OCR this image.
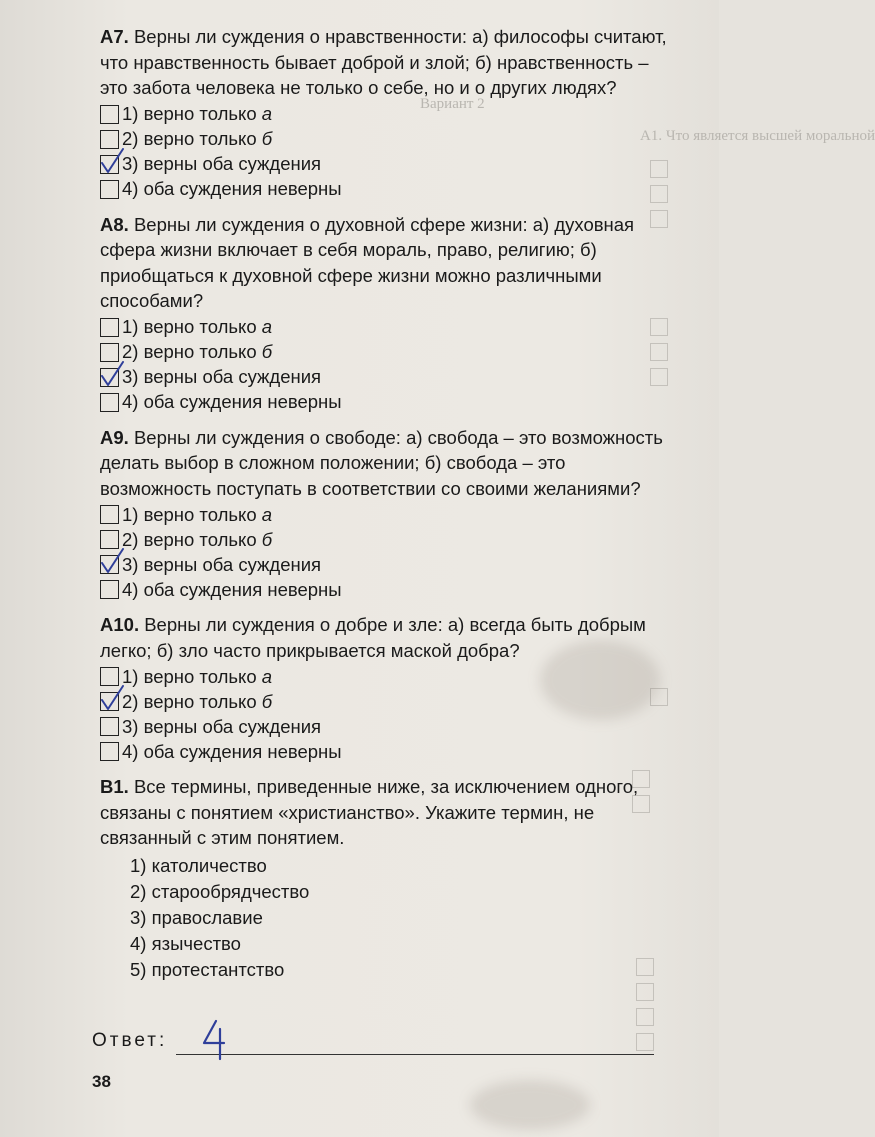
Вариант 2
А1. Что является высшей моральной

А7. Верны ли суждения о нравственности: а) философы считают, что нравственность бывает доброй и злой; б) нравственность – это забота человека не только о себе, но и о других людях?

1) верно только а
2) верно только б
3) верны оба суждения
4) оба суждения неверны

А8. Верны ли суждения о духовной сфере жизни: а) духовная сфера жизни включает в себя мораль, право, религию; б) приобщаться к духовной сфере жизни можно различными способами?

1) верно только а
2) верно только б
3) верны оба суждения
4) оба суждения неверны

А9. Верны ли суждения о свободе: а) свобода – это возможность делать выбор в сложном положении; б) свобода – это возможность поступать в соответствии со своими желаниями?

1) верно только а
2) верно только б
3) верны оба суждения
4) оба суждения неверны

А10. Верны ли суждения о добре и зле: а) всегда быть добрым легко; б) зло часто прикрывается маской добра?

1) верно только а
2) верно только б
3) верны оба суждения
4) оба суждения неверны

В1. Все термины, приведенные ниже, за исключением одного, связаны с понятием «христианство». Укажите термин, не связанный с этим понятием.

1) католичество
2) старообрядчество
3) православие
4) язычество
5) протестантство
Ответ:
4
38
